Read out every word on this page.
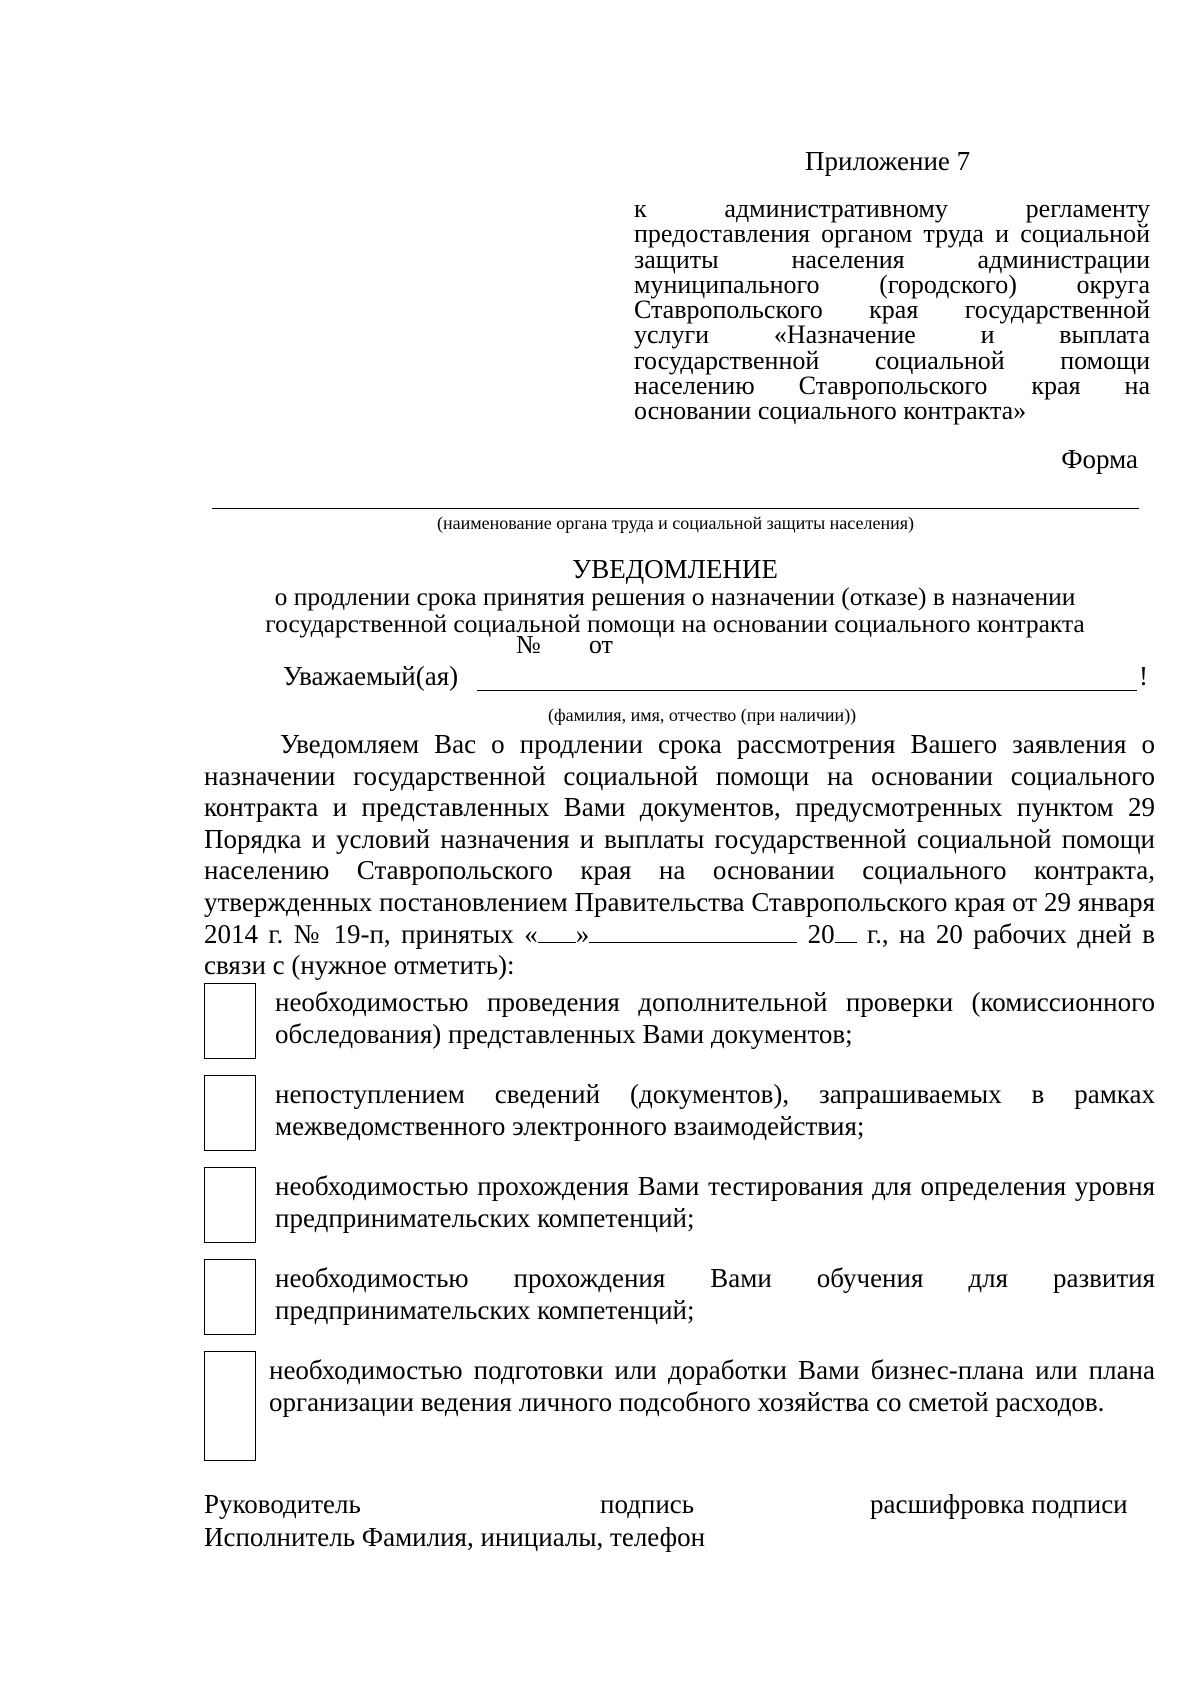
Приложение 7
к административному регламенту предоставления органом труда и социальной защиты населения администрации муниципального (городского) округа Ставропольского края государственной услуги «Назначение и выплата государственной социальной помощи населению Ставропольского края на основании социального контракта»
Форма
(наименование органа труда и социальной защиты населения)
УВЕДОМЛЕНИЕ
о продлении срока принятия решения о назначении (отказе) в назначении государственной социальной помощи на основании социального контракта
№ от
Уважаемый(ая)	!
(фамилия, имя, отчество (при наличии))
Уведомляем Вас о продлении срока рассмотрения Вашего заявления о назначении государственной социальной помощи на основании социального контракта и представленных Вами документов, предусмотренных пунктом 29 Порядка и условий назначения и выплаты государственной социальной помощи населению Ставропольского края на основании социального контракта, утвержденных постановлением Правительства Ставропольского края от 29 января 2014 г. № 19-п, принятых « »	20 г., на 20 рабочих дней в связи с (нужное отметить):
необходимостью проведения дополнительной проверки (комиссионного обследования) представленных Вами документов;
непоступлением сведений (документов), запрашиваемых в рамках межведомственного электронного взаимодействия;
необходимостью прохождения Вами тестирования для определения уровня предпринимательских компетенций;
необходимостью прохождения Вами обучения для развития предпринимательских компетенций;
необходимостью подготовки или доработки Вами бизнес-плана или плана организации ведения личного подсобного хозяйства со сметой расходов.
Руководитель	подпись	расшифровка подписи
Исполнитель Фамилия, инициалы, телефон
